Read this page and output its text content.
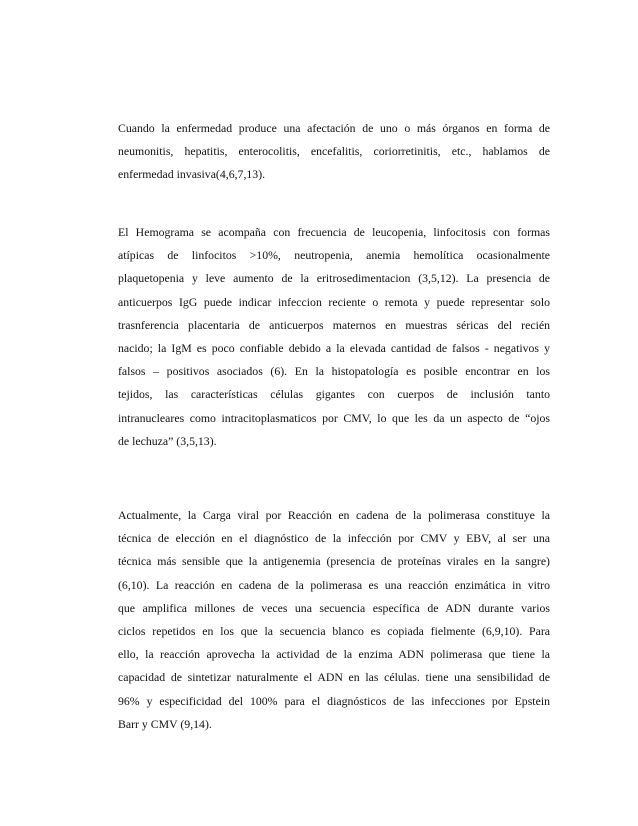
Cuando la enfermedad produce una afectación de uno o más órganos en forma de
neumonitis, hepatitis, enterocolitis, encefalitis, coriorretinitis, etc., hablamos de
enfermedad invasiva(4,6,7,13).

El Hemograma se acompaña con frecuencia de leucopenia, linfocitosis con formas
atípicas de linfocitos >10%, neutropenia, anemia hemolítica ocasionalmente
plaquetopenia y leve aumento de la eritrosedimentacion (3,5,12). La presencia de
anticuerpos IgG puede indicar infeccion reciente o remota y puede representar solo
trasnferencia placentaria de anticuerpos maternos en muestras séricas del recién
nacido; la IgM es poco confiable debido a la elevada cantidad de falsos - negativos y
falsos – positivos asociados (6). En la histopatología es posible encontrar en los
tejidos, las características células gigantes con cuerpos de inclusión tanto
intranucleares como intracitoplasmaticos por CMV, lo que les da un aspecto de “ojos
de lechuza” (3,5,13).

Actualmente, la Carga viral por Reacción en cadena de la polimerasa constituye la
técnica de elección en el diagnóstico de la infección por CMV y EBV, al ser una
técnica más sensible que la antigenemia (presencia de proteínas virales en la sangre)
(6,10). La reacción en cadena de la polimerasa es una reacción enzimática in vitro
que amplifica millones de veces una secuencia específica de ADN durante varios
ciclos repetidos en los que la secuencia blanco es copiada fielmente (6,9,10). Para
ello, la reacción aprovecha la actividad de la enzima ADN polimerasa que tiene la
capacidad de sintetizar naturalmente el ADN en las células. tiene una sensibilidad de
96% y especificidad del 100% para el diagnósticos de las infecciones por Epstein
Barr y CMV (9,14).
